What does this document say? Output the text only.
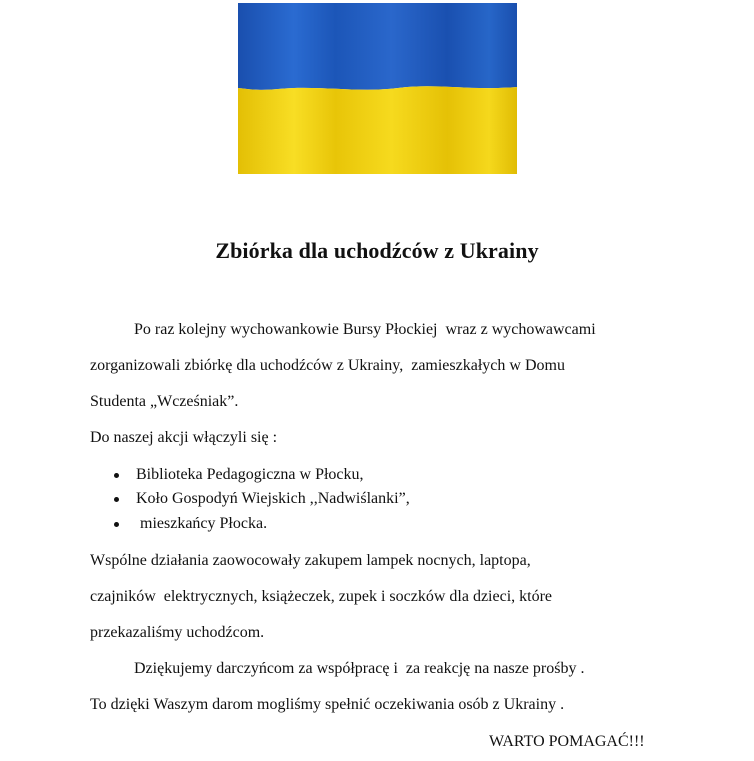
Zbiórka dla uchodźców z Ukrainy
Po raz kolejny wychowankowie Bursy Płockiej  wraz z wychowawcami
zorganizowali zbiórkę dla uchodźców z Ukrainy,  zamieszkałych w Domu
Studenta „Wcześniak”.
Do naszej akcji włączyli się :
Biblioteka Pedagogiczna w Płocku,
Koło Gospodyń Wiejskich ,,Nadwiślanki”,
mieszkańcy Płocka.
Wspólne działania zaowocowały zakupem lampek nocnych, laptopa,
czajników  elektrycznych, książeczek, zupek i soczków dla dzieci, które
przekazaliśmy uchodźcom.
Dziękujemy darczyńcom za współpracę i  za reakcję na nasze prośby .
To dzięki Waszym darom mogliśmy spełnić oczekiwania osób z Ukrainy .
WARTO POMAGAĆ!!!
